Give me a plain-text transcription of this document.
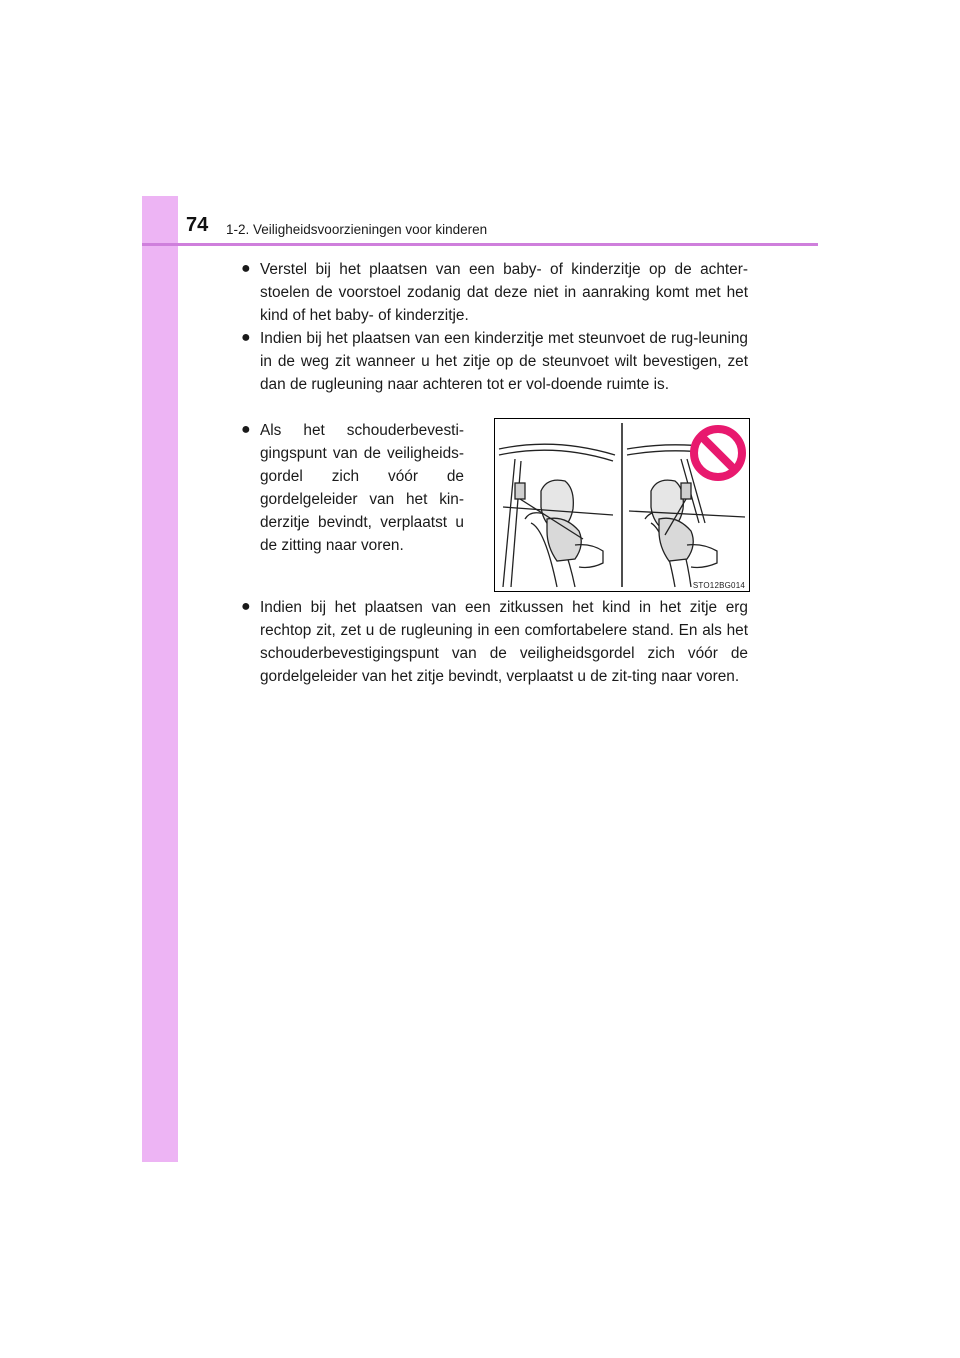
74 1-2. Veiligheidsvoorzieningen voor kinderen
● Verstel bij het plaatsen van een baby- of kinderzitje op de achter-stoelen de voorstoel zodanig dat deze niet in aanraking komt met het kind of het baby- of kinderzitje.
● Indien bij het plaatsen van een kinderzitje met steunvoet de rug-leuning in de weg zit wanneer u het zitje op de steunvoet wilt bevestigen, zet dan de rugleuning naar achteren tot er vol-doende ruimte is.
● Als het schouderbevesti-gingspunt van de veiligheids-gordel zich vóór de gordelgeleider van het kin-derzitje bevindt, verplaatst u de zitting naar voren.
STO12BG014
● Indien bij het plaatsen van een zitkussen het kind in het zitje erg rechtop zit, zet u de rugleuning in een comfortabelere stand. En als het schouderbevestigingspunt van de veiligheidsgordel zich vóór de gordelgeleider van het zitje bevindt, verplaatst u de zit-ting naar voren.
